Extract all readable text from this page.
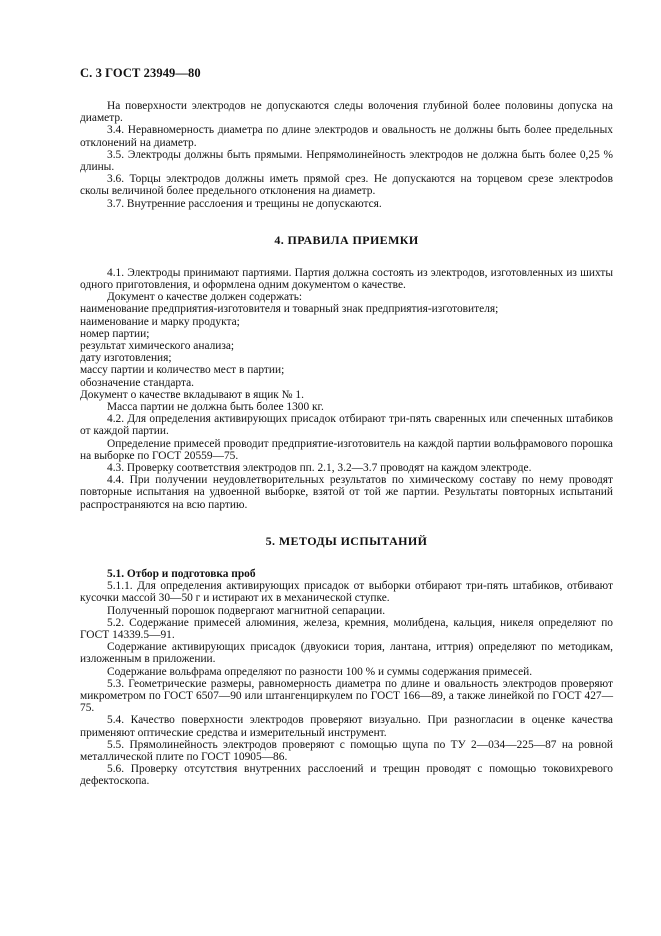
С. 3 ГОСТ 23949—80

На поверхности электродов не допускаются следы волочения глубиной более половины допуска на диаметр.

3.4. Неравномерность диаметра по длине электродов и овальность не должны быть более предельных отклонений на диаметр.

3.5. Электроды должны быть прямыми. Непрямолинейность электродов не должна быть более 0,25 % длины.

3.6. Торцы электродов должны иметь прямой срез. Не допускаются на торцевом срезе электроdов сколы величиной более предельного отклонения на диаметр.

3.7. Внутренние расслоения и трещины не допускаются.

4. ПРАВИЛА ПРИЕМКИ

4.1. Электроды принимают партиями. Партия должна состоять из электродов, изготовленных из шихты одного приготовления, и оформлена одним документом о качестве.

Документ о качестве должен содержать:

наименование предприятия-изготовителя и товарный знак предприятия-изготовителя;

наименование и марку продукта;

номер партии;

результат химического анализа;

дату изготовления;

массу партии и количество мест в партии;

обозначение стандарта.

Документ о качестве вкладывают в ящик № 1.

Масса партии не должна быть более 1300 кг.

4.2. Для определения активирующих присадок отбирают три-пять сваренных или спеченных штабиков от каждой партии.

Определение примесей проводит предприятие-изготовитель на каждой партии вольфрамового порошка на выборке по ГОСТ 20559—75.

4.3. Проверку соответствия электродов пп. 2.1, 3.2—3.7 проводят на каждом электроде.

4.4. При получении неудовлетворительных результатов по химическому составу по нему проводят повторные испытания на удвоенной выборке, взятой от той же партии. Результаты повторных испытаний распространяются на всю партию.

5. МЕТОДЫ ИСПЫТАНИЙ
5.1. Отбор и подготовка проб

5.1.1. Для определения активирующих присадок от выборки отбирают три-пять штабиков, отбивают кусочки массой 30—50 г и истирают их в механической ступке.

Полученный порошок подвергают магнитной сепарации.

5.2. Содержание примесей алюминия, железа, кремния, молибдена, кальция, никеля определяют по ГОСТ 14339.5—91.

Содержание активирующих присадок (двуокиси тория, лантана, иттрия) определяют по методикам, изложенным в приложении.

Содержание вольфрама определяют по разности 100 % и суммы содержания примесей.

5.3. Геометрические размеры, равномерность диаметра по длине и овальность электродов проверяют микрометром по ГОСТ 6507—90 или штангенциркулем по ГОСТ 166—89, а также линейкой по ГОСТ 427—75.

5.4. Качество поверхности электродов проверяют визуально. При разногласии в оценке качества применяют оптические средства и измерительный инструмент.

5.5. Прямолинейность электродов проверяют с помощью щупа по ТУ 2—034—225—87 на ровной металлической плите по ГОСТ 10905—86.

5.6. Проверку отсутствия внутренних расслоений и трещин проводят с помощью токовихревого дефектоскопа.
